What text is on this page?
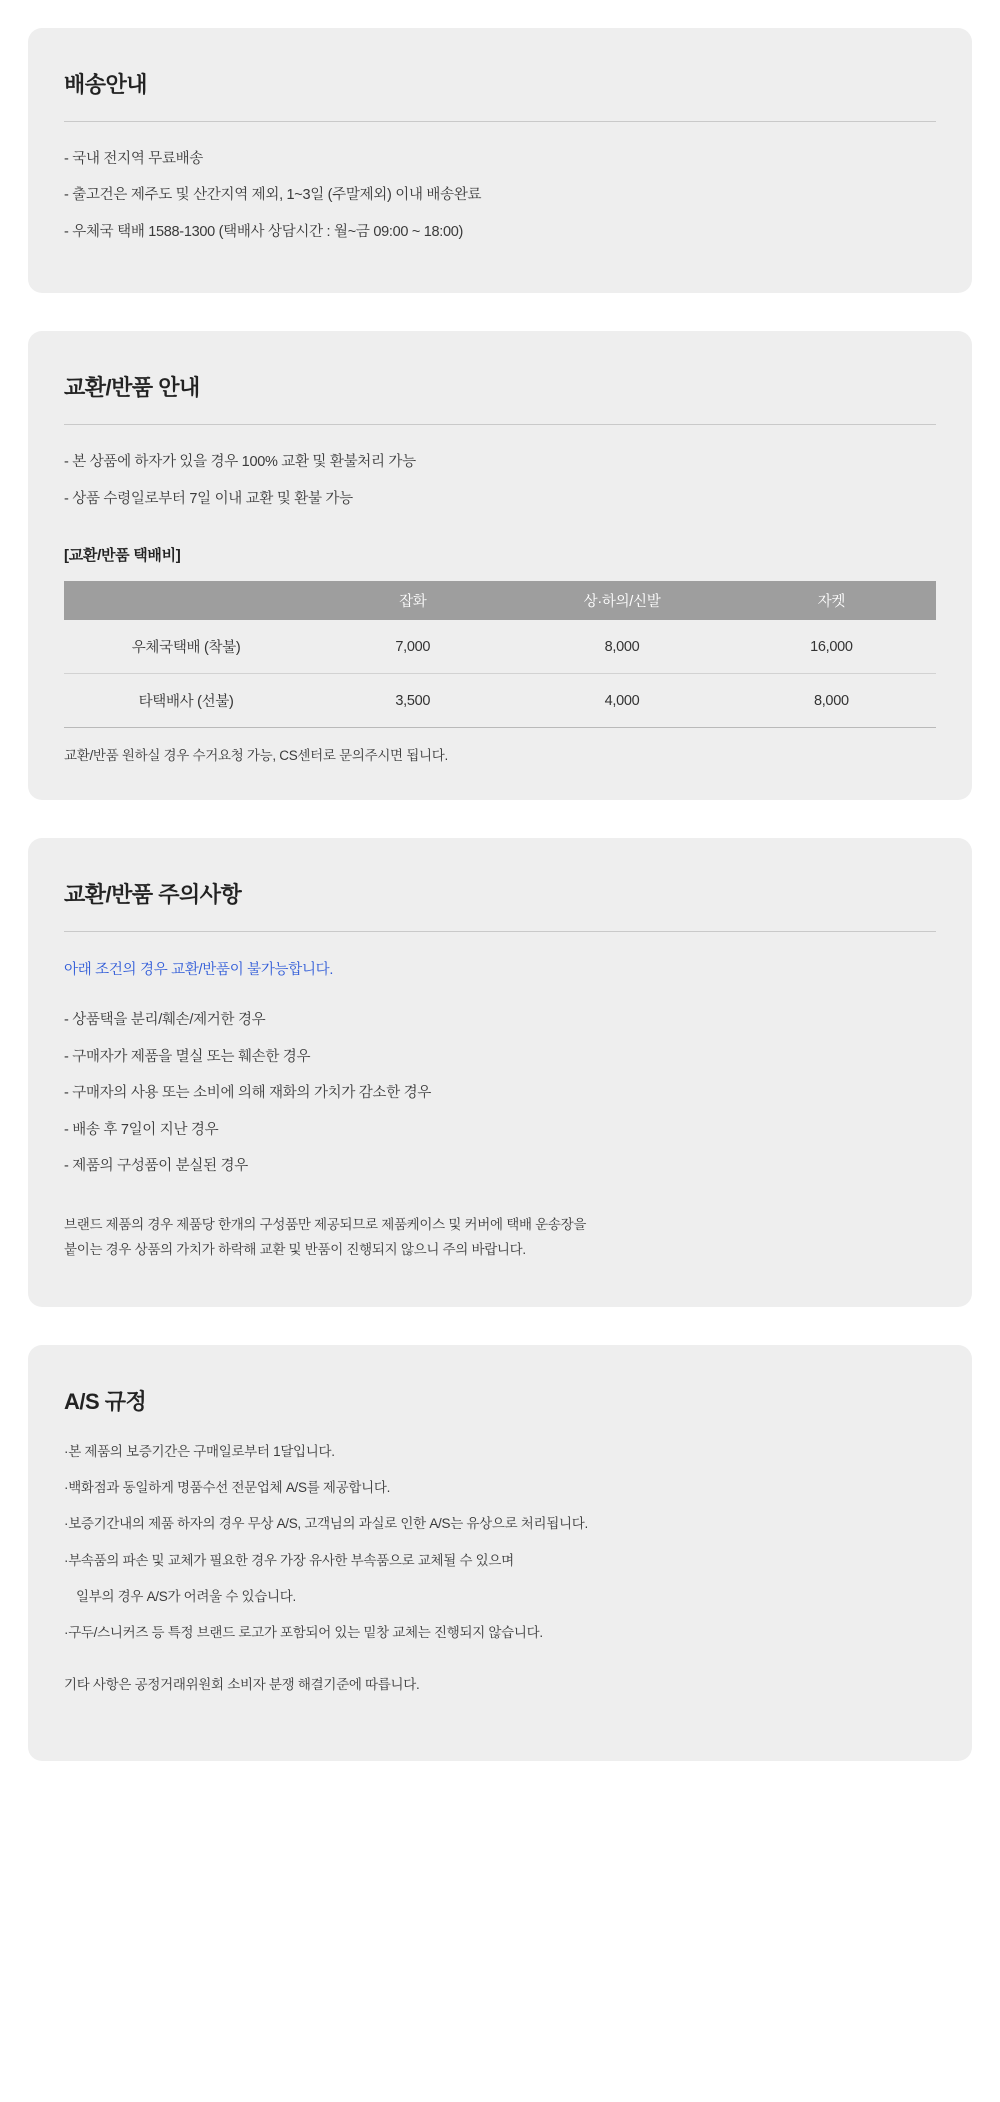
배송안내
- 국내 전지역 무료배송
- 출고건은 제주도 및 산간지역 제외, 1~3일 (주말제외) 이내 배송완료
- 우체국 택배 1588-1300 (택배사 상담시간 : 월~금 09:00 ~ 18:00)
교환/반품 안내
- 본 상품에 하자가 있을 경우 100% 교환 및 환불처리 가능
- 상품 수령일로부터 7일 이내 교환 및 환불 가능
[교환/반품 택배비]
	잡화	상·하의/신발	자켓
우체국택배 (착불)	7,000	8,000	16,000
타택배사 (선불)	3,500	4,000	8,000
교환/반품 원하실 경우 수거요청 가능, CS센터로 문의주시면 됩니다.
교환/반품 주의사항

아래 조건의 경우 교환/반품이 불가능합니다.

- 상품택을 분리/훼손/제거한 경우
- 구매자가 제품을 멸실 또는 훼손한 경우
- 구매자의 사용 또는 소비에 의해 재화의 가치가 감소한 경우
- 배송 후 7일이 지난 경우
- 제품의 구성품이 분실된 경우

브랜드 제품의 경우 제품당 한개의 구성품만 제공되므로 제품케이스 및 커버에 택배 운송장을
붙이는 경우 상품의 가치가 하락해 교환 및 반품이 진행되지 않으니 주의 바랍니다.

A/S 규정
·본 제품의 보증기간은 구매일로부터 1달입니다.
·백화점과 동일하게 명품수선 전문업체 A/S를 제공합니다.
·보증기간내의 제품 하자의 경우 무상 A/S, 고객님의 과실로 인한 A/S는 유상으로 처리됩니다.
·부속품의 파손 및 교체가 필요한 경우 가장 유사한 부속품으로 교체될 수 있으며
일부의 경우 A/S가 어려울 수 있습니다.
·구두/스니커즈 등 특정 브랜드 로고가 포함되어 있는 밑창 교체는 진행되지 않습니다.

기타 사항은 공정거래위원회 소비자 분쟁 해결기준에 따릅니다.
